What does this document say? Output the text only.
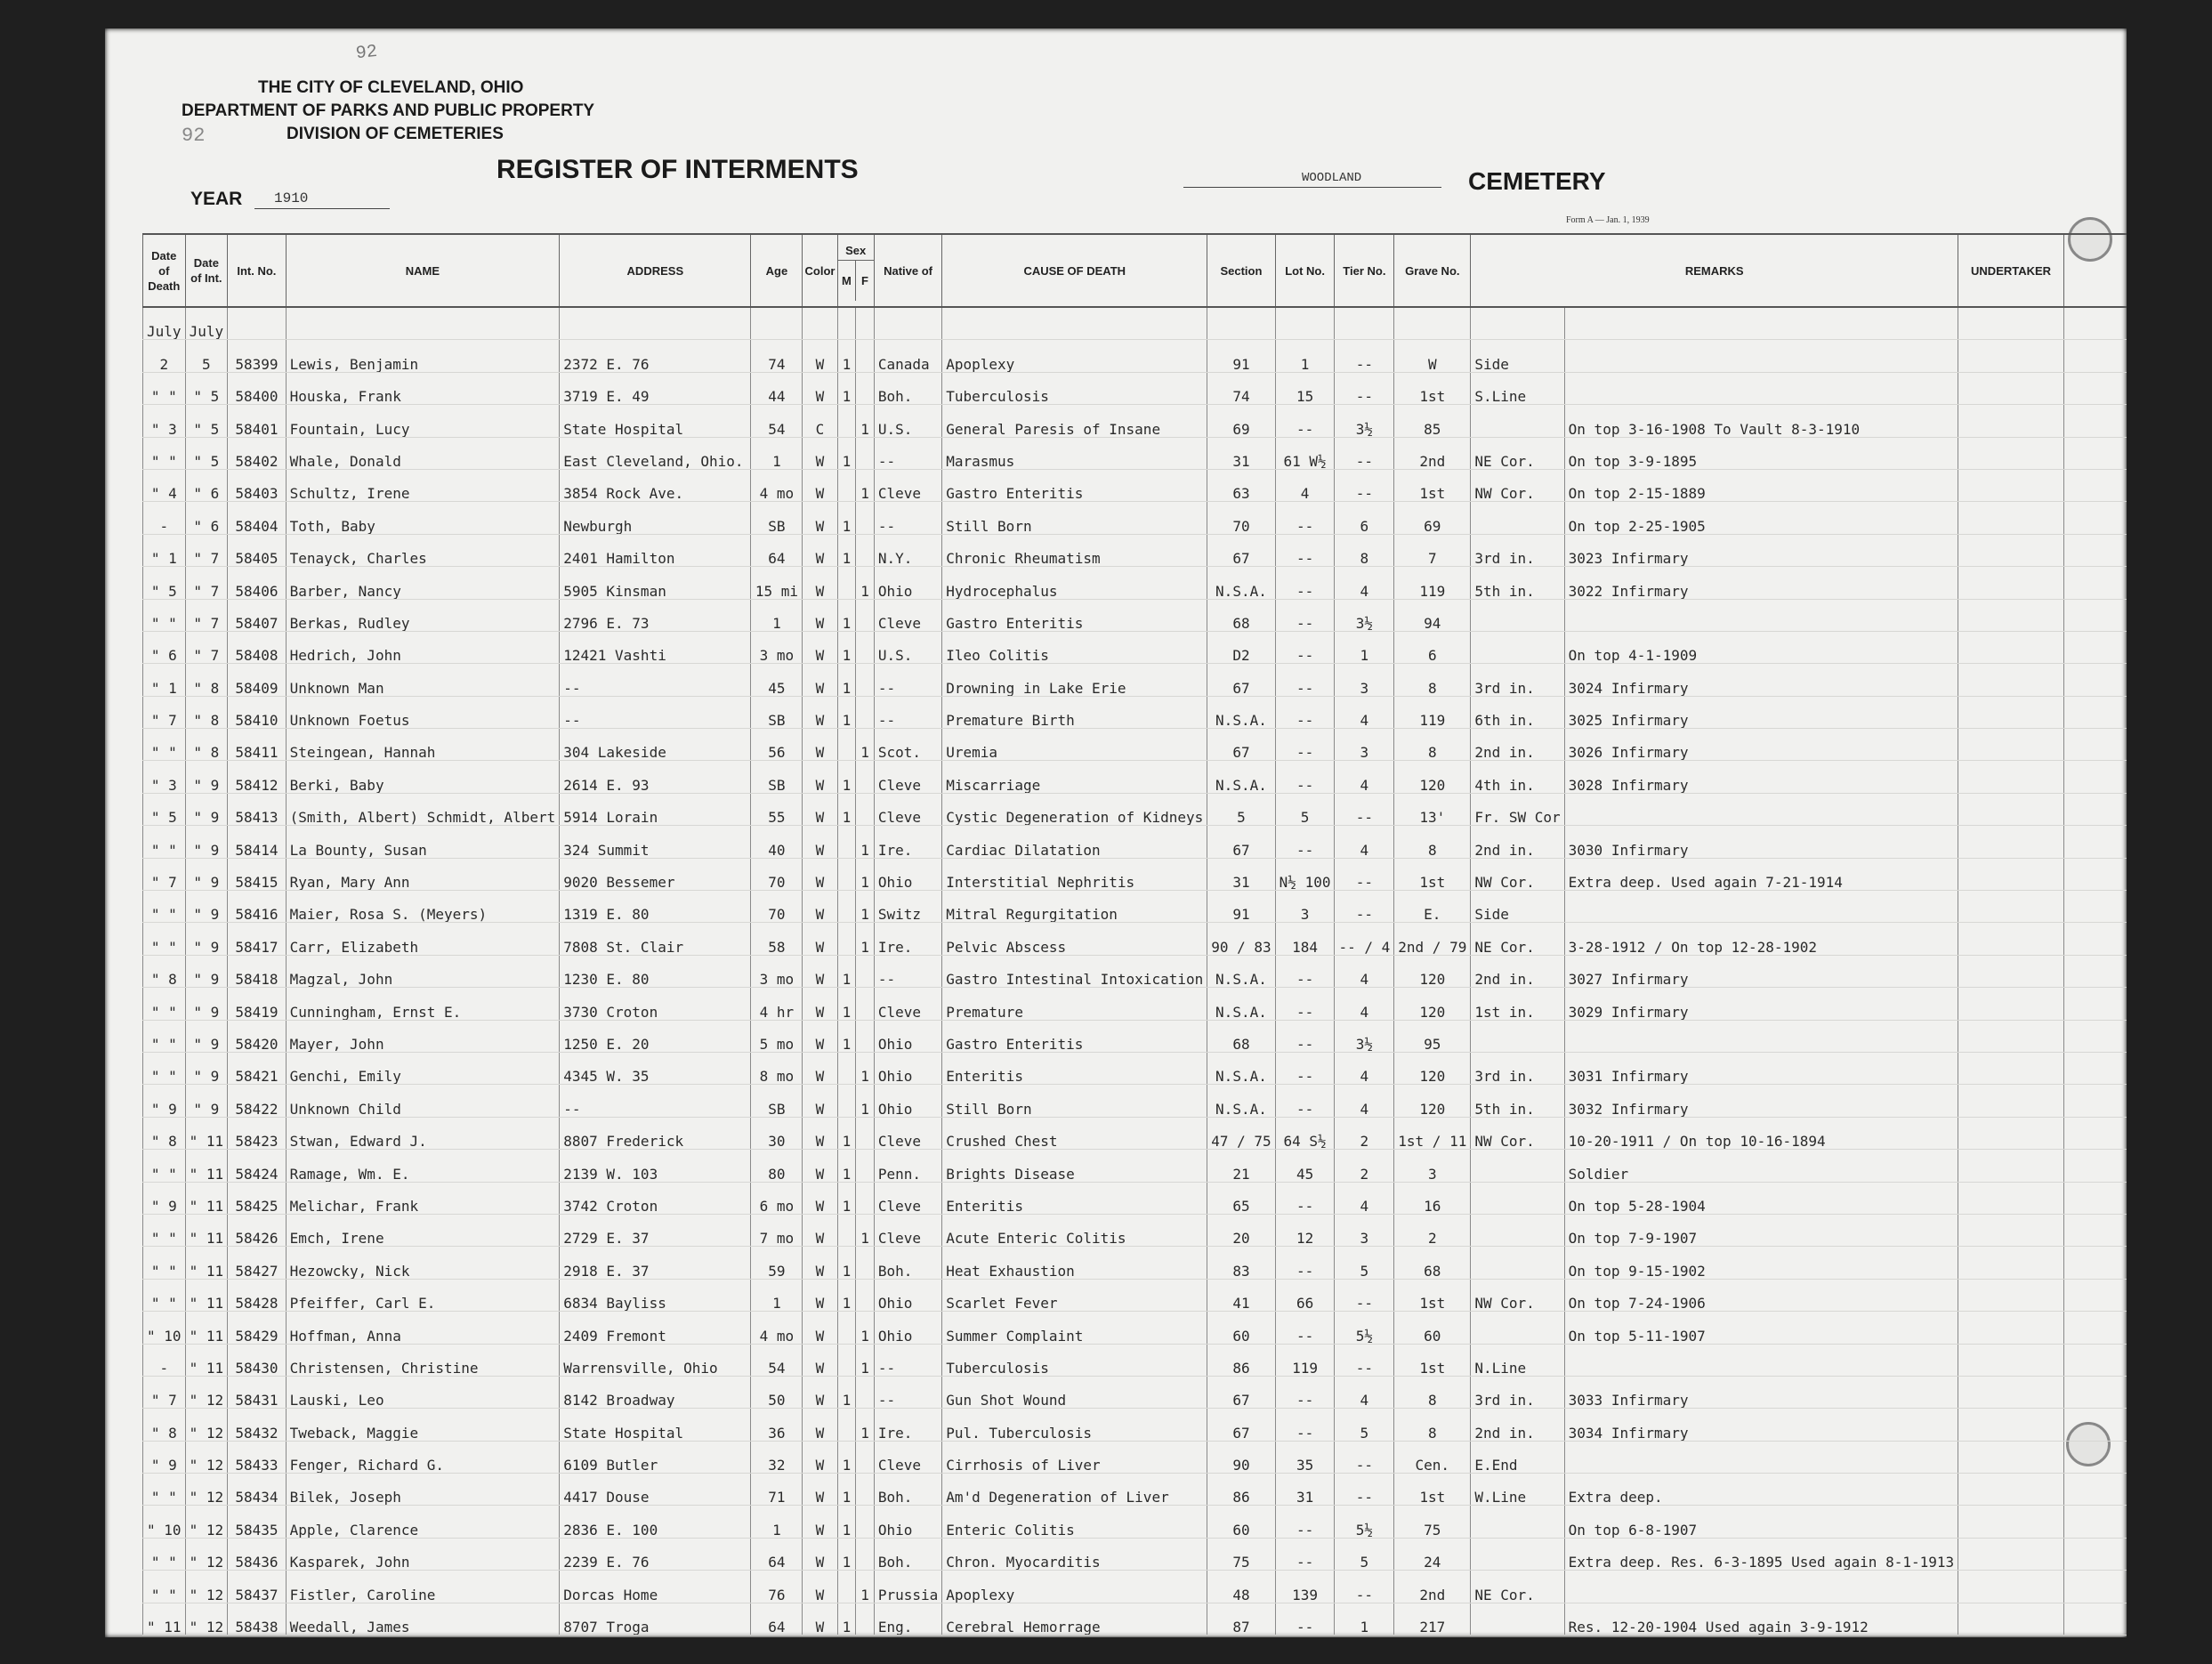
92
92
THE CITY OF CLEVELAND, OHIO
DEPARTMENT OF PARKS AND PUBLIC PROPERTY
DIVISION OF CEMETERIES
REGISTER OF INTERMENTS
YEAR 1910
WOODLAND	CEMETERY
Form A — Jan. 1, 1939
Date of Death	Date of Int.	Int. No.	NAME	ADDRESS	Age	Color	Sex
M F		Native of	CAUSE OF DEATH	Section	Lot No.	Tier No.	Grave No.	REMARKS		UNDERTAKER	
July	July																	
2	5	58399	Lewis, Benjamin	2372 E. 76	74	W	1		Canada	Apoplexy	91	1	--	W	Side			
" "	" 5	58400	Houska, Frank	3719 E. 49	44	W	1		Boh.	Tuberculosis	74	15	--	1st	S.Line			
" 3	" 5	58401	Fountain, Lucy	State Hospital	54	C		1	U.S.	General Paresis of Insane	69	--	3½	85		On top 3-16-1908 To Vault 8-3-1910		
" "	" 5	58402	Whale, Donald	East Cleveland, Ohio.	1	W	1		--	Marasmus	31	61 W½	--	2nd	NE Cor.	On top 3-9-1895		
" 4	" 6	58403	Schultz, Irene	3854 Rock Ave.	4 mo	W		1	Cleve	Gastro Enteritis	63	4	--	1st	NW Cor.	On top 2-15-1889		
-	" 6	58404	Toth, Baby	Newburgh	SB	W	1		--	Still Born	70	--	6	69		On top 2-25-1905		
" 1	" 7	58405	Tenayck, Charles	2401 Hamilton	64	W	1		N.Y.	Chronic Rheumatism	67	--	8	7	3rd in.	3023 Infirmary		
" 5	" 7	58406	Barber, Nancy	5905 Kinsman	15 mi	W		1	Ohio	Hydrocephalus	N.S.A.	--	4	119	5th in.	3022 Infirmary		
" "	" 7	58407	Berkas, Rudley	2796 E. 73	1	W	1		Cleve	Gastro Enteritis	68	--	3½	94				
" 6	" 7	58408	Hedrich, John	12421 Vashti	3 mo	W	1		U.S.	Ileo Colitis	D2	--	1	6		On top 4-1-1909		
" 1	" 8	58409	Unknown Man	--	45	W	1		--	Drowning in Lake Erie	67	--	3	8	3rd in.	3024 Infirmary		
" 7	" 8	58410	Unknown Foetus	--	SB	W	1		--	Premature Birth	N.S.A.	--	4	119	6th in.	3025 Infirmary		
" "	" 8	58411	Steingean, Hannah	304 Lakeside	56	W		1	Scot.	Uremia	67	--	3	8	2nd in.	3026 Infirmary		
" 3	" 9	58412	Berki, Baby	2614 E. 93	SB	W	1		Cleve	Miscarriage	N.S.A.	--	4	120	4th in.	3028 Infirmary		
" 5	" 9	58413	(Smith, Albert) Schmidt, Albert	5914 Lorain	55	W	1		Cleve	Cystic Degeneration of Kidneys	5	5	--	13'	Fr. SW Cor			
" "	" 9	58414	La Bounty, Susan	324 Summit	40	W		1	Ire.	Cardiac Dilatation	67	--	4	8	2nd in.	3030 Infirmary		
" 7	" 9	58415	Ryan, Mary Ann	9020 Bessemer	70	W		1	Ohio	Interstitial Nephritis	31	N½ 100	--	1st	NW Cor.	Extra deep. Used again 7-21-1914		
" "	" 9	58416	Maier, Rosa S. (Meyers)	1319 E. 80	70	W		1	Switz	Mitral Regurgitation	91	3	--	E.	Side			
" "	" 9	58417	Carr, Elizabeth	7808 St. Clair	58	W		1	Ire.	Pelvic Abscess	90 / 83	184	-- / 4	2nd / 79	NE Cor.	3-28-1912 / On top 12-28-1902		
" 8	" 9	58418	Magzal, John	1230 E. 80	3 mo	W	1		--	Gastro Intestinal Intoxication	N.S.A.	--	4	120	2nd in.	3027 Infirmary		
" "	" 9	58419	Cunningham, Ernst E.	3730 Croton	4 hr	W	1		Cleve	Premature	N.S.A.	--	4	120	1st in.	3029 Infirmary		
" "	" 9	58420	Mayer, John	1250 E. 20	5 mo	W	1		Ohio	Gastro Enteritis	68	--	3½	95				
" "	" 9	58421	Genchi, Emily	4345 W. 35	8 mo	W		1	Ohio	Enteritis	N.S.A.	--	4	120	3rd in.	3031 Infirmary		
" 9	" 9	58422	Unknown Child	--	SB	W		1	Ohio	Still Born	N.S.A.	--	4	120	5th in.	3032 Infirmary		
" 8	" 11	58423	Stwan, Edward J.	8807 Frederick	30	W	1		Cleve	Crushed Chest	47 / 75	64 S½	2	1st / 11	NW Cor.	10-20-1911 / On top 10-16-1894		
" "	" 11	58424	Ramage, Wm. E.	2139 W. 103	80	W	1		Penn.	Brights Disease	21	45	2	3		Soldier		
" 9	" 11	58425	Melichar, Frank	3742 Croton	6 mo	W	1		Cleve	Enteritis	65	--	4	16		On top 5-28-1904		
" "	" 11	58426	Emch, Irene	2729 E. 37	7 mo	W		1	Cleve	Acute Enteric Colitis	20	12	3	2		On top 7-9-1907		
" "	" 11	58427	Hezowcky, Nick	2918 E. 37	59	W	1		Boh.	Heat Exhaustion	83	--	5	68		On top 9-15-1902		
" "	" 11	58428	Pfeiffer, Carl E.	6834 Bayliss	1	W	1		Ohio	Scarlet Fever	41	66	--	1st	NW Cor.	On top 7-24-1906		
" 10	" 11	58429	Hoffman, Anna	2409 Fremont	4 mo	W		1	Ohio	Summer Complaint	60	--	5½	60		On top 5-11-1907		
-	" 11	58430	Christensen, Christine	Warrensville, Ohio	54	W		1	--	Tuberculosis	86	119	--	1st	N.Line			
" 7	" 12	58431	Lauski, Leo	8142 Broadway	50	W	1		--	Gun Shot Wound	67	--	4	8	3rd in.	3033 Infirmary		
" 8	" 12	58432	Tweback, Maggie	State Hospital	36	W		1	Ire.	Pul. Tuberculosis	67	--	5	8	2nd in.	3034 Infirmary		
" 9	" 12	58433	Fenger, Richard G.	6109 Butler	32	W	1		Cleve	Cirrhosis of Liver	90	35	--	Cen.	E.End			
" "	" 12	58434	Bilek, Joseph	4417 Douse	71	W	1		Boh.	Am'd Degeneration of Liver	86	31	--	1st	W.Line	Extra deep.		
" 10	" 12	58435	Apple, Clarence	2836 E. 100	1	W	1		Ohio	Enteric Colitis	60	--	5½	75		On top 6-8-1907		
" "	" 12	58436	Kasparek, John	2239 E. 76	64	W	1		Boh.	Chron. Myocarditis	75	--	5	24		Extra deep. Res. 6-3-1895 Used again 8-1-1913		
" "	" 12	58437	Fistler, Caroline	Dorcas Home	76	W		1	Prussia	Apoplexy	48	139	--	2nd	NE Cor.			
" 11	" 12	58438	Weedall, James	8707 Troga	64	W	1		Eng.	Cerebral Hemorrage	87	--	1	217		Res. 12-20-1904 Used again 3-9-1912		
